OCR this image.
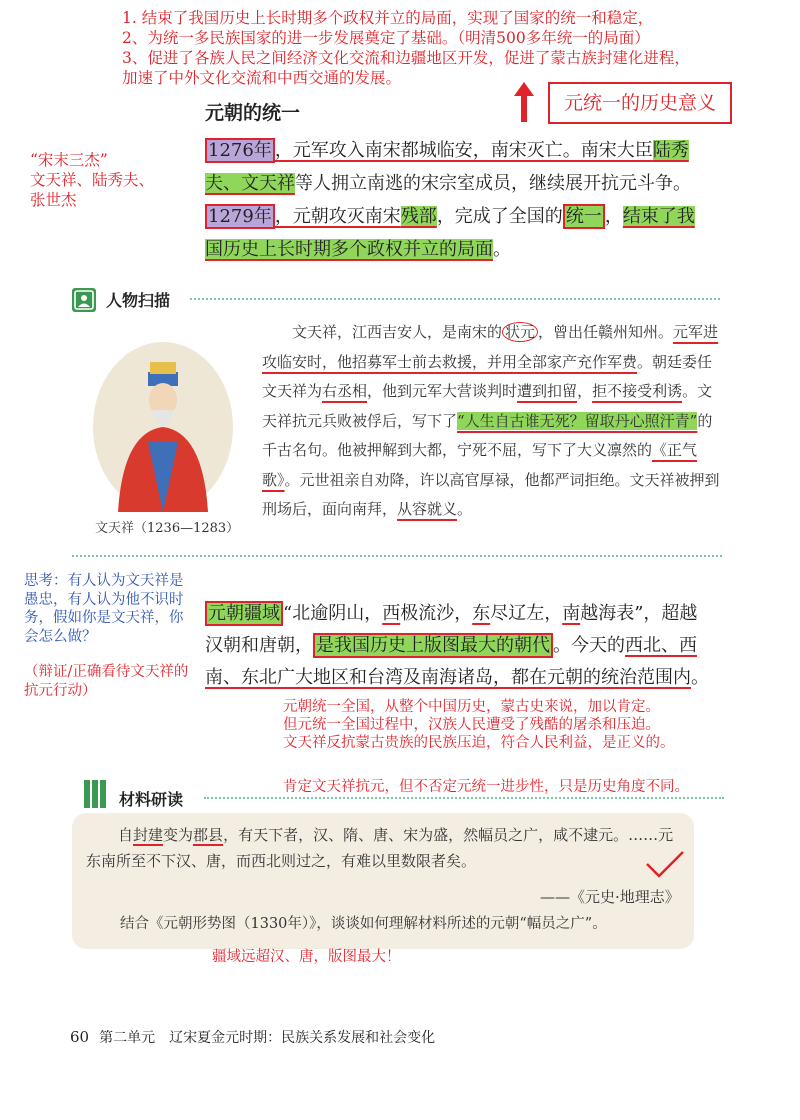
1. 结束了我国历史上长时期多个政权并立的局面，实现了国家的统一和稳定，
2、为统一多民族国家的进一步发展奠定了基础。（明清500多年统一的局面）
3、促进了各族人民之间经济文化交流和边疆地区开发，促进了蒙古族封建化进程，
加速了中外文化交流和中西交通的发展。
元统一的历史意义
元朝的统一
“宋末三杰”
文天祥、陆秀夫、
张世杰
1276年 ，元军攻入南宋都城临安，南宋灭亡。南宋大臣陆秀夫、文天祥等人拥立南逃的宋宗室成员，继续展开抗元斗争。1279年 ，元朝攻灭南宋残部，完成了全国的 统一 ，结束了我国历史上长时期多个政权并立的局面。
人物扫描
文天祥（1236—1283）
文天祥，江西吉安人，是南宋的 状元 ，曾出任赣州知州。元军进攻临安时，他招募军士前去救援，并用全部家产充作军费。朝廷委任文天祥为右丞相，他到元军大营谈判时遭到扣留，拒不接受利诱。文天祥抗元兵败被俘后，写下了“人生自古谁无死？留取丹心照汗青”的千古名句。他被押解到大都，宁死不屈，写下了大义凛然的《正气歌》。元世祖亲自劝降，许以高官厚禄，他都严词拒绝。文天祥被押到刑场后，面向南拜，从容就义。
思考：有人认为文天祥是
愚忠，有人认为他不识时
务，假如你是文天祥，你
会怎么做？
（辩证/正确看待文天祥的
抗元行动）
元朝疆域 “北逾阴山，西极流沙，东尽辽左，南越海表”，超越汉朝和唐朝， 是我国历史上版图最大的朝代 。今天的西北、西南、东北广大地区和台湾及南海诸岛，都在元朝的统治范围内。
元朝统一全国，从整个中国历史，蒙古史来说，加以肯定。
但元统一全国过程中，汉族人民遭受了残酷的屠杀和压迫。
文天祥反抗蒙古贵族的民族压迫，符合人民利益，是正义的。
肯定文天祥抗元，但不否定元统一进步性，只是历史角度不同。
材料研读
自封建变为郡县，有天下者，汉、隋、唐、宋为盛，然幅员之广，咸不逮元。……元东南所至不下汉、唐，而西北则过之，有难以里数限者矣。
——《元史·地理志》
结合《元朝形势图（1330年）》，谈谈如何理解材料所述的元朝“幅员之广”。
疆域远超汉、唐，版图最大！
60 第二单元　辽宋夏金元时期：民族关系发展和社会变化
